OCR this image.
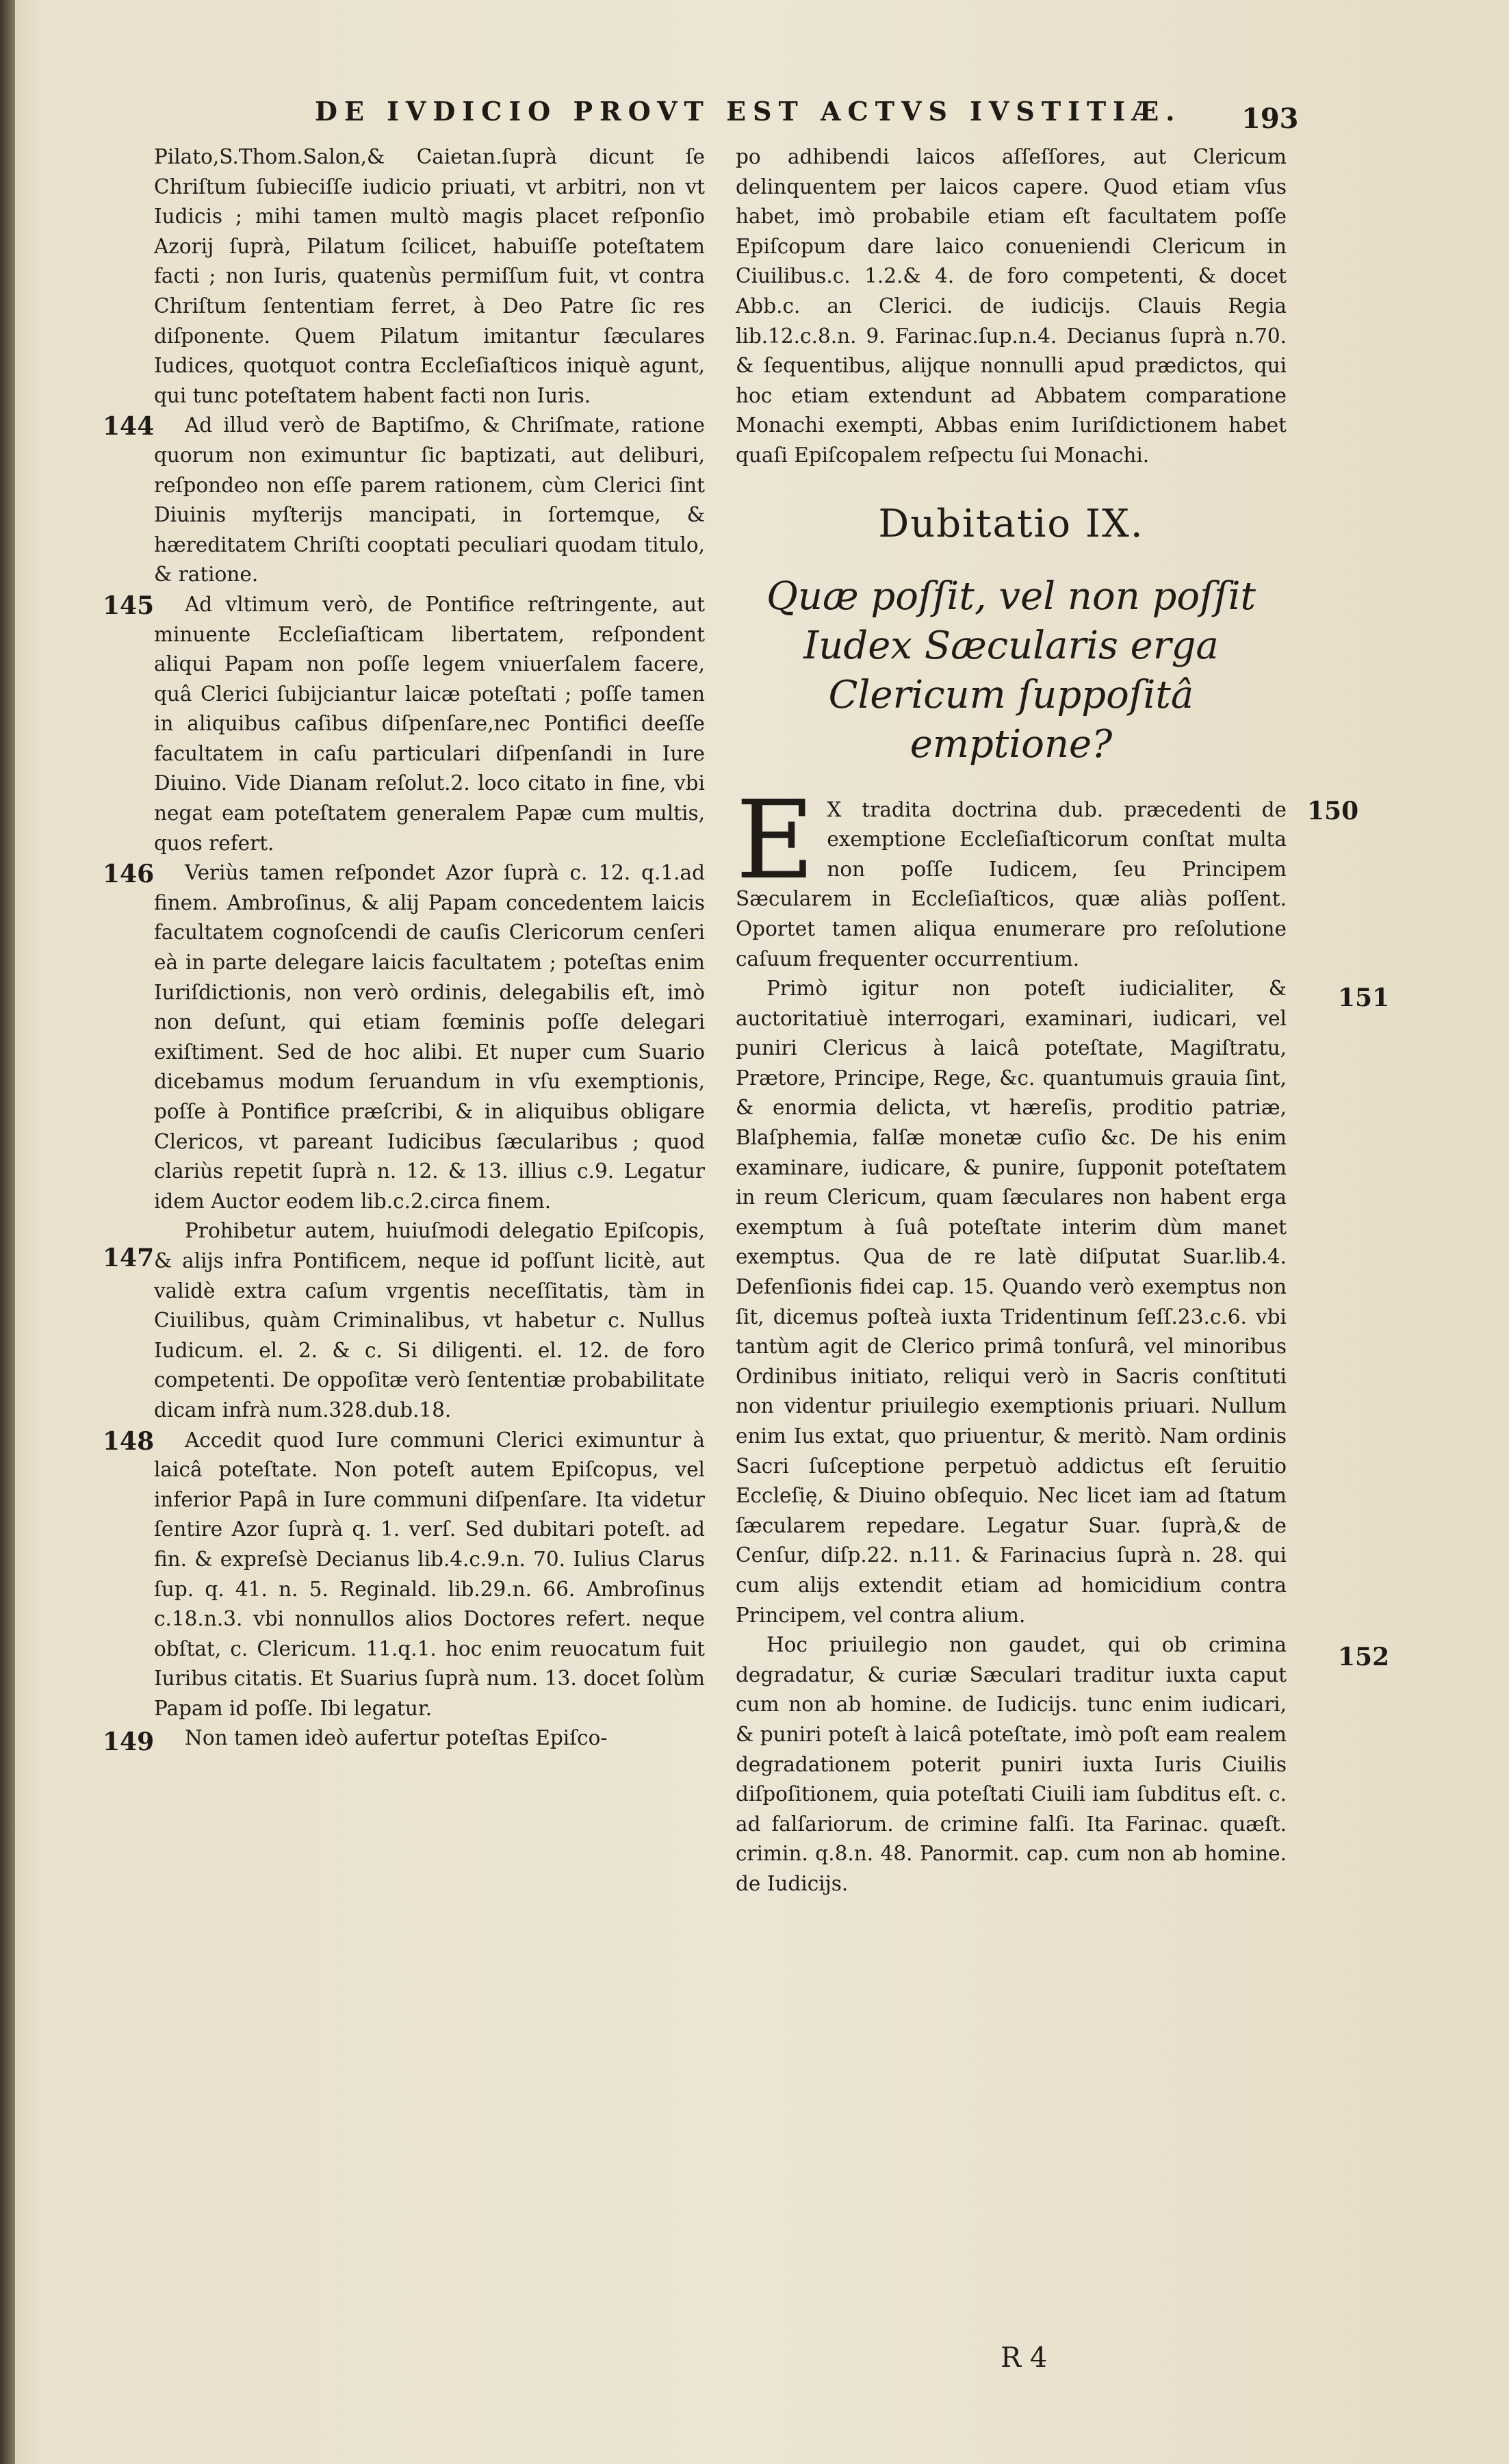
DE IVDICIO PROVT EST ACTVS IVSTITIÆ.	193

Pilato,S.Thom.Salon,& Caietan.ſuprà dicunt ſe Chriſtum ſubieciſſe iudicio priuati, vt arbitri, non vt Iudicis ; mihi tamen multò magis placet reſponſio Azorij ſuprà, Pilatum ſcilicet, habuiſſe poteſtatem facti ; non Iuris, quatenùs permiſſum fuit, vt contra Chriſtum ſententiam ferret, à Deo Patre ſic res diſponente. Quem Pilatum imitantur ſæculares Iudices, quotquot contra Eccleſiaſticos iniquè agunt, qui tunc poteſtatem habent facti non Iuris.

144 Ad illud verò de Baptiſmo, & Chriſmate, ratione quorum non eximuntur ſic baptizati, aut deliburi, reſpondeo non eſſe parem rationem, cùm Clerici ſint Diuinis myſterijs mancipati, in ſortemque, & hæreditatem Chriſti cooptati peculiari quodam titulo, & ratione.

145 Ad vltimum verò, de Pontifice reſtringente, aut minuente Eccleſiaſticam libertatem, reſpondent aliqui Papam non poſſe legem vniuerſalem facere, quâ Clerici ſubijciantur laicæ poteſtati ; poſſe tamen in aliquibus caſibus diſpenſare,nec Pontifici deeſſe facultatem in caſu particulari diſpenſandi in Iure Diuino. Vide Dianam reſolut.2. loco citato in fine, vbi negat eam poteſtatem generalem Papæ cum multis, quos refert.

146 Veriùs tamen reſpondet Azor ſuprà c. 12. q.1.ad finem. Ambroſinus, & alij Papam concedentem laicis facultatem cognoſcendi de cauſis Clericorum cenſeri eà in parte delegare laicis facultatem ; poteſtas enim Iuriſdictionis, non verò ordinis, delegabilis eſt, imò non deſunt, qui etiam fœminis poſſe delegari exiſtiment. Sed de hoc alibi. Et nuper cum Suario dicebamus modum ſeruandum in vſu exemptionis, poſſe à Pontifice præſcribi, & in aliquibus obligare Clericos, vt pareant Iudicibus ſæcularibus ; quod clariùs repetit ſuprà n. 12. & 13. illius c.9. Legatur idem Auctor eodem lib.c.2.circa finem.

147
Prohibetur autem, huiuſmodi delegatio Epiſcopis, & alijs infra Pontificem, neque id poſſunt licitè, aut validè extra caſum vrgentis neceſſitatis, tàm in Ciuilibus, quàm Criminalibus, vt habetur c. Nullus Iudicum. el. 2. & c. Si diligenti. el. 12. de foro competenti. De oppoſitæ verò ſententiæ probabilitate dicam infrà num.328.dub.18.

148 Accedit quod Iure communi Clerici eximuntur à laicâ poteſtate. Non poteſt autem Epiſcopus, vel inferior Papâ in Iure communi diſpenſare. Ita videtur ſentire Azor ſuprà q. 1. verſ. Sed dubitari poteſt. ad fin. & expreſsè Decianus lib.4.c.9.n. 70. Iulius Clarus ſup. q. 41. n. 5. Reginald. lib.29.n. 66. Ambroſinus c.18.n.3. vbi nonnullos alios Doctores refert. neque obſtat, c. Clericum. 11.q.1. hoc enim reuocatum fuit Iuribus citatis. Et Suarius ſuprà num. 13. docet ſolùm Papam id poſſe. Ibi legatur.

149 Non tamen ideò aufertur poteſtas Epiſco-

po adhibendi laicos aſſeſſores, aut Clericum delinquentem per laicos capere. Quod etiam vſus habet, imò probabile etiam eſt facultatem poſſe Epiſcopum dare laico conueniendi Clericum in Ciuilibus.c. 1.2.& 4. de foro competenti, & docet Abb.c. an Clerici. de iudicijs. Clauis Regia lib.12.c.8.n. 9. Farinac.ſup.n.4. Decianus ſuprà n.70. & ſequentibus, alijque nonnulli apud prædictos, qui hoc etiam extendunt ad Abbatem comparatione Monachi exempti, Abbas enim Iuriſdictionem habet quaſi Epiſcopalem reſpectu ſui Monachi.

Dubitatio IX.
Quæ poſſit, vel non poſſit Iudex Sæcularis erga Clericum ſuppoſitâ emptione?

150
E X tradita doctrina dub. præcedenti de exemptione Eccleſiaſticorum conſtat multa non poſſe Iudicem, ſeu Principem Sæcularem in Eccleſiaſticos, quæ aliàs poſſent. Oportet tamen aliqua enumerare pro reſolutione caſuum frequenter occurrentium.

151
Primò igitur non poteſt iudicialiter, & auctoritatiuè interrogari, examinari, iudicari, vel puniri Clericus à laicâ poteſtate, Magiſtratu, Prætore, Principe, Rege, &c. quantumuis grauia ſint, & enormia delicta, vt hæreſis, proditio patriæ, Blaſphemia, falſæ monetæ cuſio &c. De his enim examinare, iudicare, & punire, ſupponit poteſtatem in reum Clericum, quam ſæculares non habent erga exemptum à ſuâ poteſtate interim dùm manet exemptus. Qua de re latè diſputat Suar.lib.4. Defenſionis fidei cap. 15. Quando verò exemptus non ſit, dicemus poſteà iuxta Tridentinum ſeſſ.23.c.6. vbi tantùm agit de Clerico primâ tonſurâ, vel minoribus Ordinibus initiato, reliqui verò in Sacris conſtituti non videntur priuilegio exemptionis priuari. Nullum enim Ius extat, quo priuentur, & meritò. Nam ordinis Sacri ſuſceptione perpetuò addictus eſt ſeruitio Eccleſię, & Diuino obſequio. Nec licet iam ad ſtatum ſæcularem repedare. Legatur Suar. ſuprà,& de Cenſur, diſp.22. n.11. & Farinacius ſuprà n. 28. qui cum alijs extendit etiam ad homicidium contra Principem, vel contra alium.

152
Hoc priuilegio non gaudet, qui ob crimina degradatur, & curiæ Sæculari traditur iuxta caput cum non ab homine. de Iudicijs. tunc enim iudicari, & puniri poteſt à laicâ poteſtate, imò poſt eam realem degradationem poterit puniri iuxta Iuris Ciuilis diſpoſitionem, quia poteſtati Ciuili iam ſubditus eſt. c. ad falſariorum. de crimine falſi. Ita Farinac. quæſt. crimin. q.8.n. 48. Panormit. cap. cum non ab homine. de Iudicijs.

R 4
